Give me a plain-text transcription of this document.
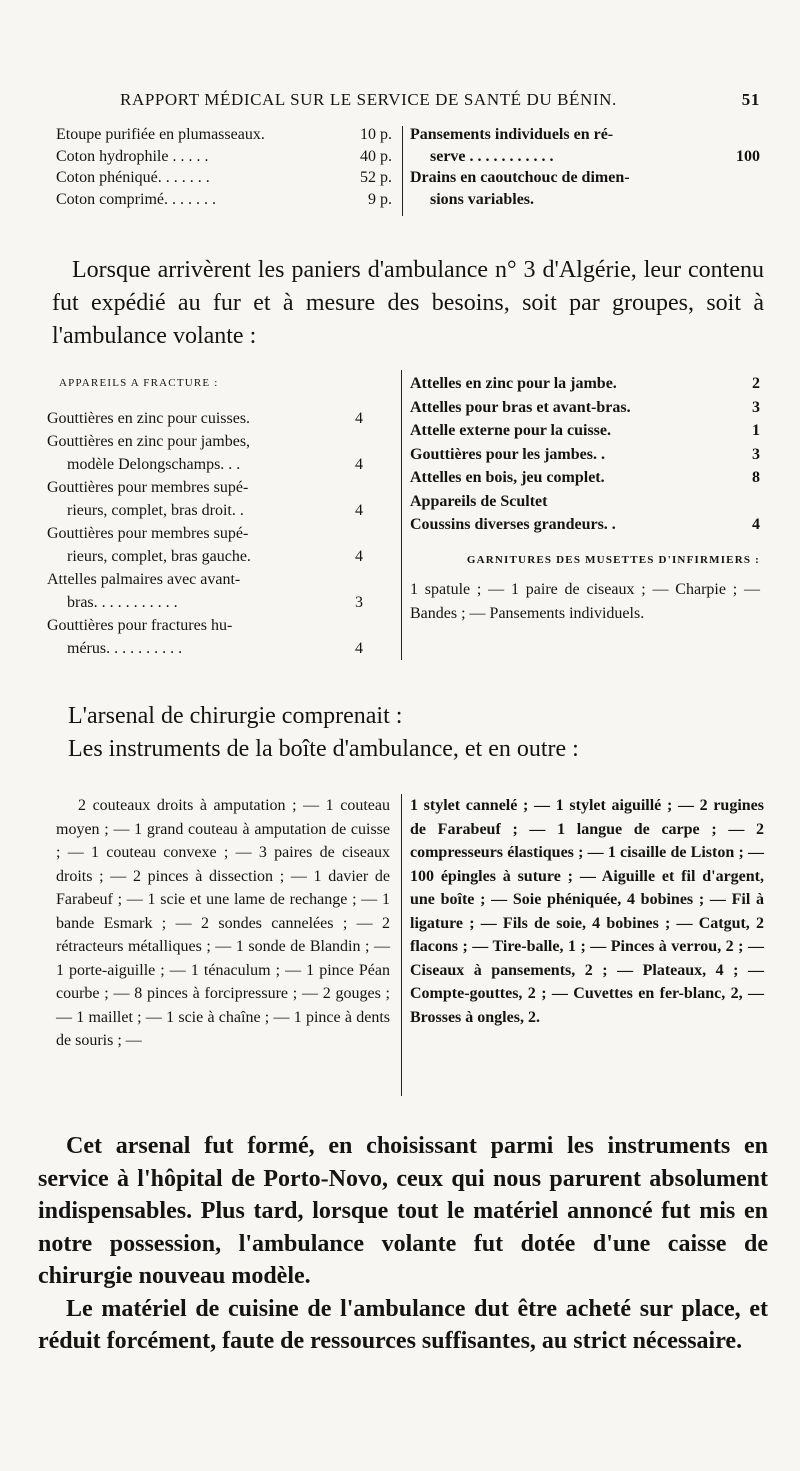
RAPPORT MÉDICAL SUR LE SERVICE DE SANTÉ DU BÉNIN.	51
Etoupe purifiée en plumasseaux.	10 p.
Coton hydrophile . . . . .	40 p.
Coton phéniqué. . . . . . .	52 p.
Coton comprimé. . . . . . .	9 p.
Pansements individuels en ré-
serve . . . . . . . . . . .	100
Drains en caoutchouc de dimen-
sions variables.
Lorsque arrivèrent les paniers d'ambulance n° 3 d'Algérie, leur contenu fut expédié au fur et à mesure des besoins, soit par groupes, soit à l'ambulance volante :
APPAREILS A FRACTURE :
Gouttières en zinc pour cuisses.	4
Gouttières en zinc pour jambes,
modèle Delongschamps. . .	4
Gouttières pour membres supé-
rieurs, complet, bras droit. .	4
Gouttières pour membres supé-
rieurs, complet, bras gauche.	4
Attelles palmaires avec avant-
bras. . . . . . . . . . .	3
Gouttières pour fractures hu-
mérus. . . . . . . . . .	4
Attelles en zinc pour la jambe.	2
Attelles pour bras et avant-bras.	3
Attelle externe pour la cuisse.	1
Gouttières pour les jambes. .	3
Attelles en bois, jeu complet.	8
Appareils de Scultet
Coussins diverses grandeurs. .	4
GARNITURES DES MUSETTES D'INFIRMIERS :
1 spatule ; — 1 paire de ciseaux ; — Charpie ; — Bandes ; — Pansements individuels.
L'arsenal de chirurgie comprenait :
Les instruments de la boîte d'ambulance, et en outre :
2 couteaux droits à amputation ; — 1 couteau moyen ; — 1 grand couteau à amputation de cuisse ; — 1 couteau convexe ; — 3 paires de ciseaux droits ; — 2 pinces à dissection ; — 1 davier de Farabeuf ; — 1 scie et une lame de rechange ; — 1 bande Esmark ; — 2 sondes cannelées ; — 2 rétracteurs métalliques ; — 1 sonde de Blandin ; — 1 porte-aiguille ; — 1 ténaculum ; — 1 pince Péan courbe ; — 8 pinces à forcipressure ; — 2 gouges ; — 1 maillet ; — 1 scie à chaîne ; — 1 pince à dents de souris ; —
1 stylet cannelé ; — 1 stylet aiguillé ; — 2 rugines de Farabeuf ; — 1 langue de carpe ; — 2 compresseurs élastiques ; — 1 cisaille de Liston ; — 100 épingles à suture ; — Aiguille et fil d'argent, une boîte ; — Soie phéniquée, 4 bobines ; — Fil à ligature ; — Fils de soie, 4 bobines ; — Catgut, 2 flacons ; — Tire-balle, 1 ; — Pinces à verrou, 2 ; — Ciseaux à pansements, 2 ; — Plateaux, 4 ; — Compte-gouttes, 2 ; — Cuvettes en fer-blanc, 2, — Brosses à ongles, 2.

Cet arsenal fut formé, en choisissant parmi les instruments en service à l'hôpital de Porto-Novo, ceux qui nous parurent absolument indispensables. Plus tard, lorsque tout le matériel annoncé fut mis en notre possession, l'ambulance volante fut dotée d'une caisse de chirurgie nouveau modèle.

Le matériel de cuisine de l'ambulance dut être acheté sur place, et réduit forcément, faute de ressources suffisantes, au strict nécessaire.
